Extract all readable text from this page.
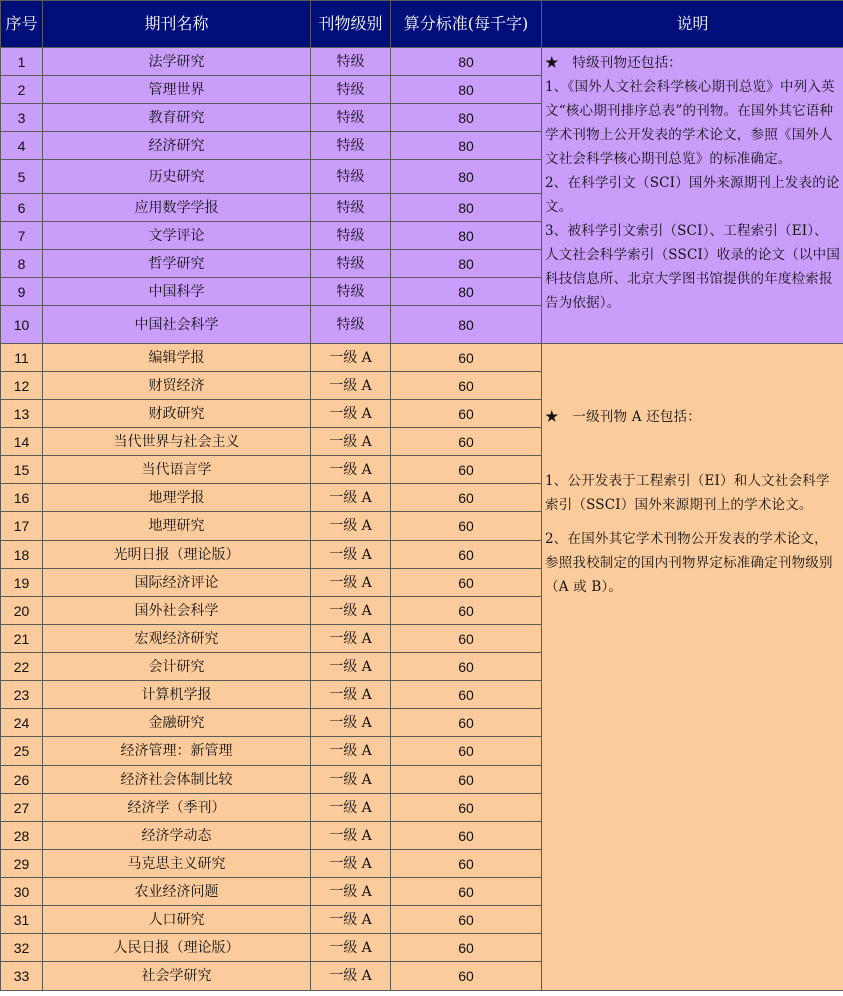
序号	期刊名称	刊物级别	算分标准(每千字)	说明
1	法学研究	特级	80	★　特级刊物还包括：

1、《国外人文社会科学核心期刊总览》中列入英文“核心期刊排序总表”的刊物。在国外其它语种学术刊物上公开发表的学术论文，参照《国外人文社会科学核心期刊总览》的标准确定。

2、在科学引文（SCI）国外来源期刊上发表的论文。

3、被科学引文索引（SCI）、工程索引（EI）、人文社会科学索引（SSCI）收录的论文（以中国科技信息所、北京大学图书馆提供的年度检索报告为依据）。

2	管理世界	特级	80	
3	教育研究	特级	80	
4	经济研究	特级	80	
5	历史研究	特级	80	
6	应用数学学报	特级	80	
7	文学评论	特级	80	
8	哲学研究	特级	80	
9	中国科学	特级	80	
10	中国社会科学	特级	80	
11	编辑学报	一级 A	60	★　一级刊物 A 还包括：

1、公开发表于工程索引（EI）和人文社会科学索引（SSCI）国外来源期刊上的学术论文。

2、在国外其它学术刊物公开发表的学术论文，参照我校制定的国内刊物界定标准确定刊物级别（A 或 B）。

12	财贸经济	一级 A	60	
13	财政研究	一级 A	60	
14	当代世界与社会主义	一级 A	60	
15	当代语言学	一级 A	60	
16	地理学报	一级 A	60	
17	地理研究	一级 A	60	
18	光明日报（理论版）	一级 A	60	
19	国际经济评论	一级 A	60	
20	国外社会科学	一级 A	60	
21	宏观经济研究	一级 A	60	
22	会计研究	一级 A	60	
23	计算机学报	一级 A	60	
24	金融研究	一级 A	60	
25	经济管理：新管理	一级 A	60	
26	经济社会体制比较	一级 A	60	
27	经济学（季刊）	一级 A	60	
28	经济学动态	一级 A	60	
29	马克思主义研究	一级 A	60	
30	农业经济问题	一级 A	60	
31	人口研究	一级 A	60	
32	人民日报（理论版）	一级 A	60	
33	社会学研究	一级 A	60	
